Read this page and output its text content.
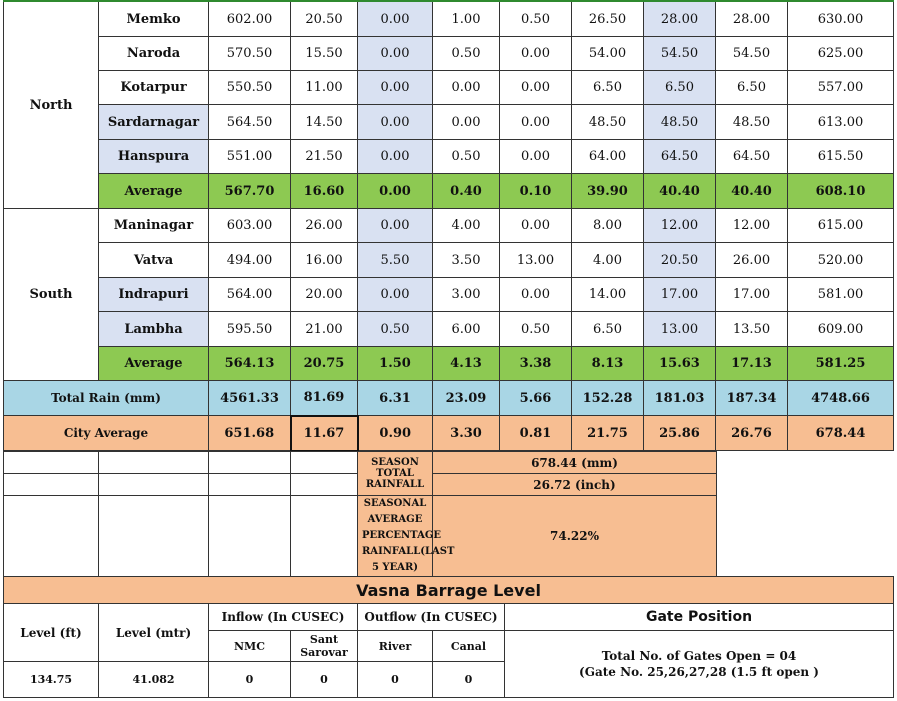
North	Memko	602.00	20.50	0.00	1.00	0.50	26.50	28.00	28.00	630.00
	Naroda	570.50	15.50	0.00	0.50	0.00	54.00	54.50	54.50	625.00
	Kotarpur	550.50	11.00	0.00	0.00	0.00	6.50	6.50	6.50	557.00
	Sardarnagar	564.50	14.50	0.00	0.00	0.00	48.50	48.50	48.50	613.00
	Hanspura	551.00	21.50	0.00	0.50	0.00	64.00	64.50	64.50	615.50
	Average	567.70	16.60	0.00	0.40	0.10	39.90	40.40	40.40	608.10
South	Maninagar	603.00	26.00	0.00	4.00	0.00	8.00	12.00	12.00	615.00
	Vatva	494.00	16.00	5.50	3.50	13.00	4.00	20.50	26.00	520.00
	Indrapuri	564.00	20.00	0.00	3.00	0.00	14.00	17.00	17.00	581.00
	Lambha	595.50	21.00	0.50	6.00	0.50	6.50	13.00	13.50	609.00
	Average	564.13	20.75	1.50	4.13	3.38	8.13	15.63	17.13	581.25
Total Rain (mm)		4561.33	81.69	6.31	23.09	5.66	152.28	181.03	187.34	4748.66
City Average		651.68	11.67	0.90	3.30	0.81	21.75	25.86	26.76	678.44
				SEASON TOTAL RAINFALL	678.44 (mm)
					26.72 (inch)
				SEASONAL AVERAGE PERCENTAGE RAINFALL(LAST 5 YEAR)	74.22%
Vasna Barrage Level						
Level (ft)	Level (mtr)	Inflow (In CUSEC)		Outflow (In CUSEC)		Gate Position
		NMC	Sant Sarovar	River	Canal	Total No. of Gates Open = 04
(Gate No. 25,26,27,28 (1.5 ft open )

134.75	41.082	0	0	0	0	
